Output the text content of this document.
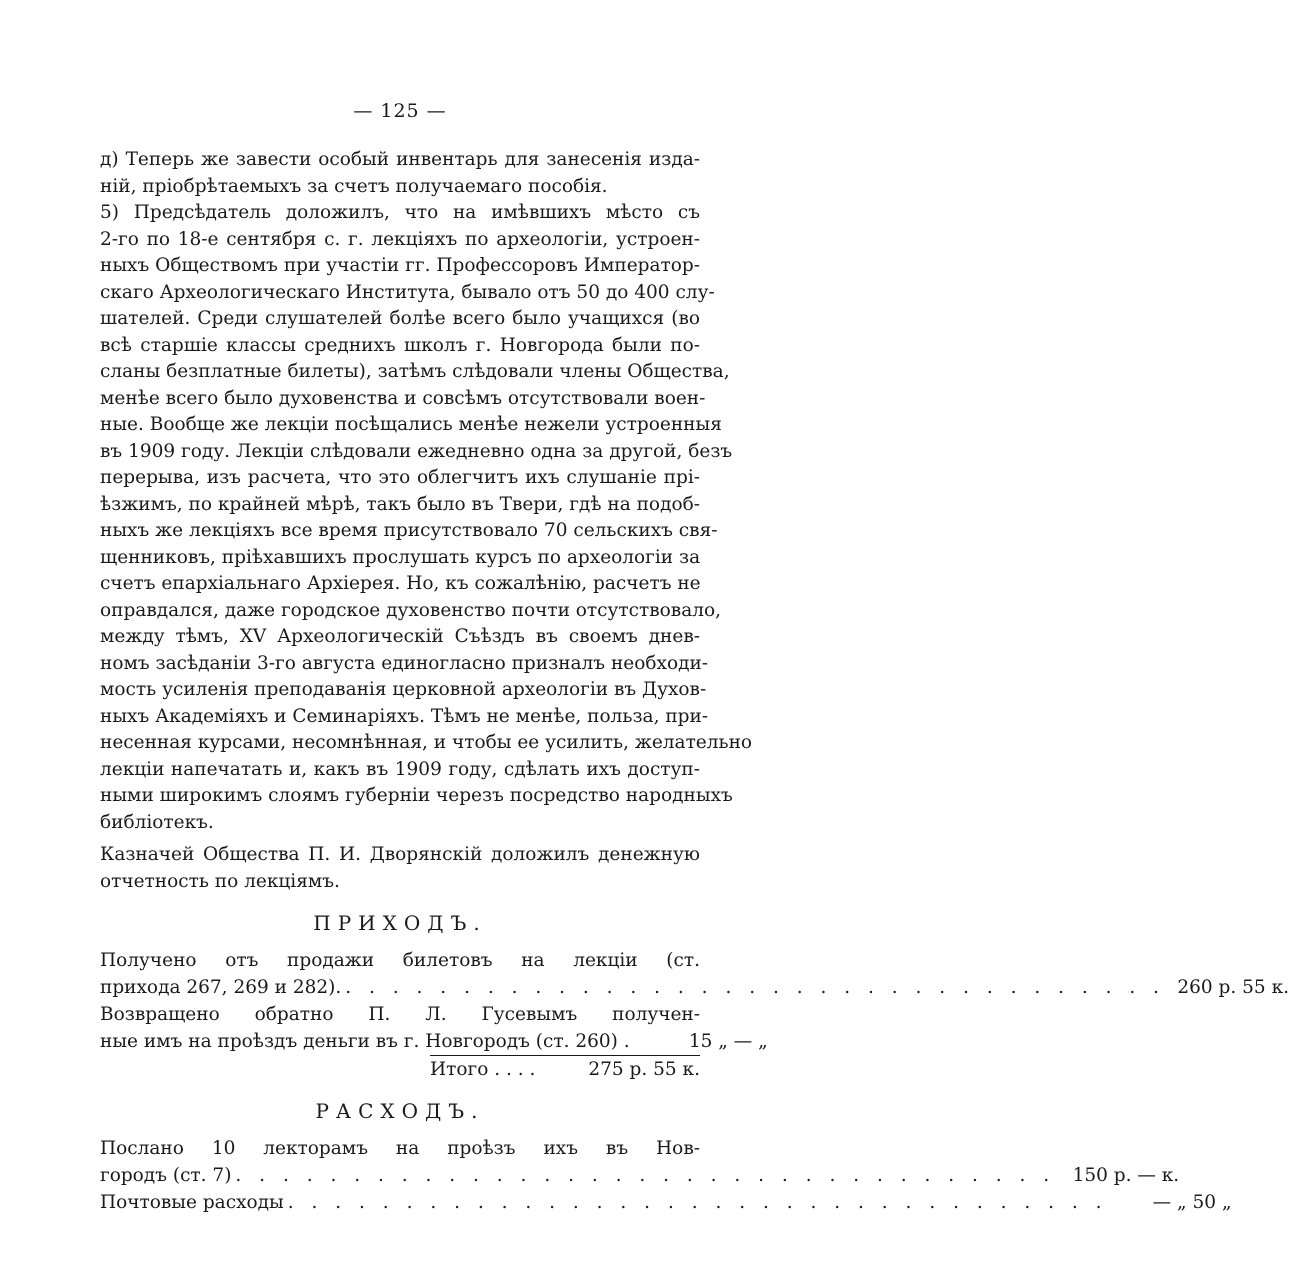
— 125 —
д) Теперь же завести особый инвентарь для занесенія изда-
ній, пріобрѣтаемыхъ за счетъ получаемаго пособія.
5) Предсѣдатель доложилъ, что на имѣвшихъ мѣсто съ
2-го по 18-е сентября с. г. лекціяхъ по археологіи, устроен-
ныхъ Обществомъ при участіи гг. Профессоровъ Император-
скаго Археологическаго Института, бывало отъ 50 до 400 слу-
шателей. Среди слушателей болѣе всего было учащихся (во
всѣ старшіе классы среднихъ школъ г. Новгорода были по-
сланы безплатные билеты), затѣмъ слѣдовали члены Общества,
менѣе всего было духовенства и совсѣмъ отсутствовали воен-
ные. Вообще же лекціи посѣщались менѣе нежели устроенныя
въ 1909 году. Лекціи слѣдовали ежедневно одна за другой, безъ
перерыва, изъ расчета, что это облегчитъ ихъ слушаніе прі-
ѣзжимъ, по крайней мѣрѣ, такъ было въ Твери, гдѣ на подоб-
ныхъ же лекціяхъ все время присутствовало 70 сельскихъ свя-
щенниковъ, пріѣхавшихъ прослушать курсъ по археологіи за
счетъ епархіальнаго Архіерея. Но, къ сожалѣнію, расчетъ не
оправдался, даже городское духовенство почти отсутствовало,
между тѣмъ, XV Археологическій Съѣздъ въ своемъ днев-
номъ засѣданіи 3-го августа единогласно призналъ необходи-
мость усиленія преподаванія церковной археологіи въ Духов-
ныхъ Академіяхъ и Семинаріяхъ. Тѣмъ не менѣе, польза, при-
несенная курсами, несомнѣнная, и чтобы ее усилить, желательно
лекціи напечатать и, какъ въ 1909 году, сдѣлать ихъ доступ-
ными широкимъ слоямъ губерніи черезъ посредство народныхъ
библіотекъ.
Казначей Общества П. И. Дворянскій доложилъ денежную
отчетность по лекціямъ.
ПРИХОДЪ.
Получено отъ продажи билетовъ на лекціи (ст.
прихода 267, 269 и 282). . . . . . . . . . . . . . . . . . . . . . . . . . . . . . . . . . . . 260 р. 55 к.
Возвращено обратно П. Л. Гусевымъ получен-
ные имъ на проѣздъ деньги въ г. Новгородъ (ст. 260) .	15 „ — „
Итого . . . .	275 р. 55 к.
РАСХОДЪ.
Послано 10 лекторамъ на проѣзъ ихъ въ Нов-
городъ (ст. 7) . . . . . . . . . . . . . . . . . . . . . . . . . . . . . . . . . . . 150 р. — к.
Почтовые расходы . . . . . . . . . . . . . . . . . . . . . . . . . . . . . . . . . . .	— „ 50 „
